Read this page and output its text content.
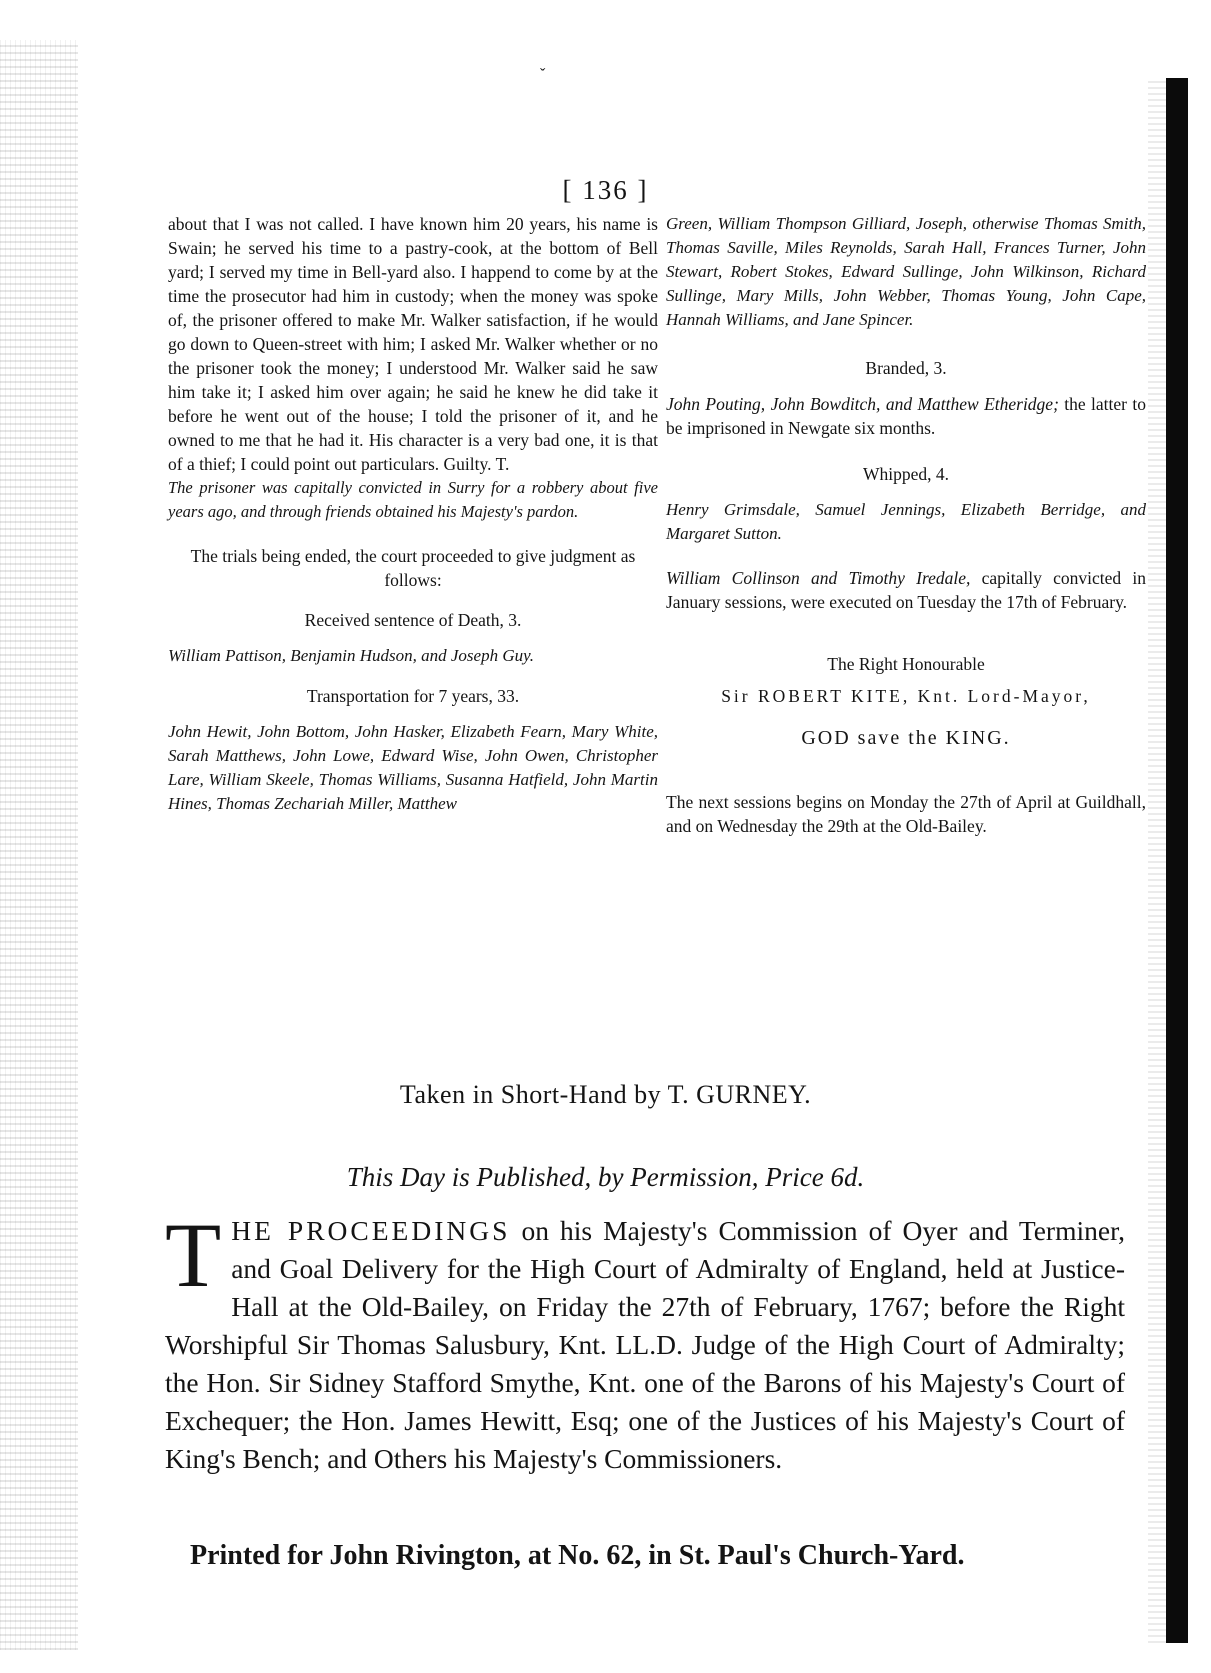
ˇ
[ 136 ]

about that I was not called. I have known him 20 years, his name is Swain; he served his time to a pastry-cook, at the bottom of Bell yard; I served my time in Bell-yard also. I happend to come by at the time the prosecutor had him in custody; when the money was spoke of, the prisoner offered to make Mr. Walker satisfaction, if he would go down to Queen-street with him; I asked Mr. Walker whether or no the prisoner took the money; I understood Mr. Walker said he saw him take it; I asked him over again; he said he knew he did take it before he went out of the house; I told the prisoner of it, and he owned to me that he had it. His character is a very bad one, it is that of a thief; I could point out particulars. Guilty. T.

The prisoner was capitally convicted in Surry for a robbery about five years ago, and through friends obtained his Majesty's pardon.

The trials being ended, the court proceeded to give judgment as follows:

Received sentence of Death, 3.

William Pattison, Benjamin Hudson, and Joseph Guy.

Transportation for 7 years, 33.

John Hewit, John Bottom, John Hasker, Elizabeth Fearn, Mary White, Sarah Matthews, John Lowe, Edward Wise, John Owen, Christopher Lare, William Skeele, Thomas Williams, Susanna Hatfield, John Martin Hines, Thomas Zechariah Miller, Matthew

Green, William Thompson Gilliard, Joseph, otherwise Thomas Smith, Thomas Saville, Miles Reynolds, Sarah Hall, Frances Turner, John Stewart, Robert Stokes, Edward Sullinge, John Wilkinson, Richard Sullinge, Mary Mills, John Webber, Thomas Young, John Cape, Hannah Williams, and Jane Spincer.

Branded, 3.

John Pouting, John Bowditch, and Matthew Etheridge; the latter to be imprisoned in Newgate six months.

Whipped, 4.

Henry Grimsdale, Samuel Jennings, Elizabeth Berridge, and Margaret Sutton.

William Collinson and Timothy Iredale, capitally convicted in January sessions, were executed on Tuesday the 17th of February.

The Right Honourable

Sir ROBERT KITE, Knt. Lord-Mayor,

GOD save the KING.

The next sessions begins on Monday the 27th of April at Guildhall, and on Wednesday the 29th at the Old-Bailey.

Taken in Short-Hand by T. GURNEY.
This Day is Published, by Permission, Price 6d.
THE PROCEEDINGS on his Majesty's Commission of Oyer and Terminer, and Goal Delivery for the High Court of Admiralty of England, held at Justice-Hall at the Old-Bailey, on Friday the 27th of February, 1767; before the Right Worshipful Sir Thomas Salusbury, Knt. LL.D. Judge of the High Court of Admiralty; the Hon. Sir Sidney Stafford Smythe, Knt. one of the Barons of his Majesty's Court of Exchequer; the Hon. James Hewitt, Esq; one of the Justices of his Majesty's Court of King's Bench; and Others his Majesty's Commissioners.
Printed for John Rivington, at No. 62, in St. Paul's Church-Yard.
